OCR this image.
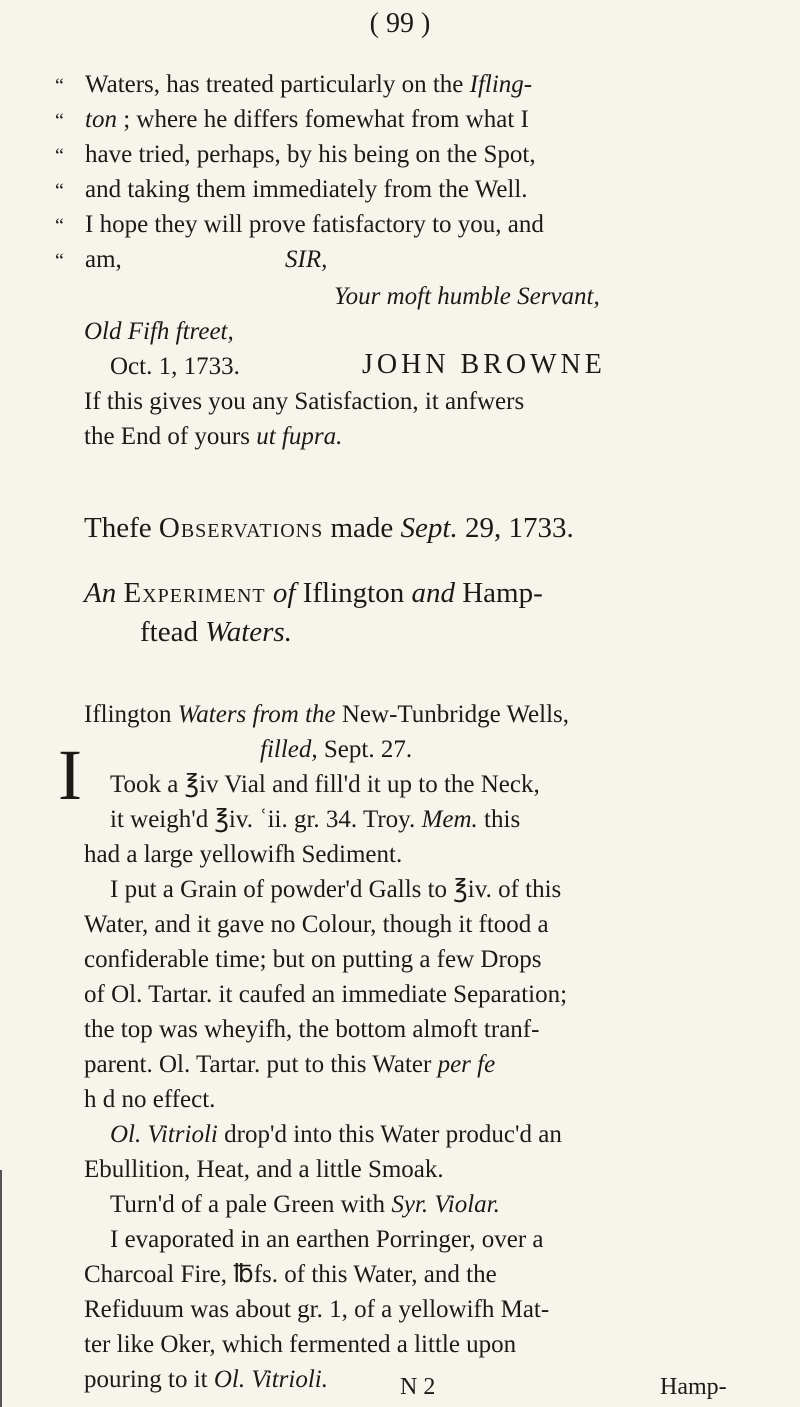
( 99 )
“ Waters, has treated particularly on the Ifling-
“ ton ; where he differs fomewhat from what I
“ have tried, perhaps, by his being on the Spot,
“ and taking them immediately from the Well.
“ I hope they will prove fatisfactory to you, and
“ am,	SIR,
Your moft humble Servant,
Old Fifh ftreet,
Oct. 1, 1733.	JOHN BROWNE
If this gives you any Satisfaction, it anfwers
the End of yours ut fupra.
Thefe Observations made Sept. 29, 1733.
An Experiment of Iflington and Hamp-
ftead Waters.
Iflington Waters from the New-Tunbridge Wells,
filled, Sept. 27.
I Took a ℥iv Vial and fill'd it up to the Neck,
it weigh'd ℥iv. ʿii. gr. 34. Troy. Mem. this
had a large yellowifh Sediment.
I put a Grain of powder'd Galls to ℥iv. of this
Water, and it gave no Colour, though it ftood a
confiderable time; but on putting a few Drops
of Ol. Tartar. it caufed an immediate Separation;
the top was wheyifh, the bottom almoft tranf-
parent. Ol. Tartar. put to this Water per fe
h d no effect.
Ol. Vitrioli drop'd into this Water produc'd an
Ebullition, Heat, and a little Smoak.
Turn'd of a pale Green with Syr. Violar.
I evaporated in an earthen Porringer, over a
Charcoal Fire, ℔fs. of this Water, and the
Refiduum was about gr. 1, of a yellowifh Mat-
ter like Oker, which fermented a little upon
pouring to it Ol. Vitrioli.	N 2	Hamp-
